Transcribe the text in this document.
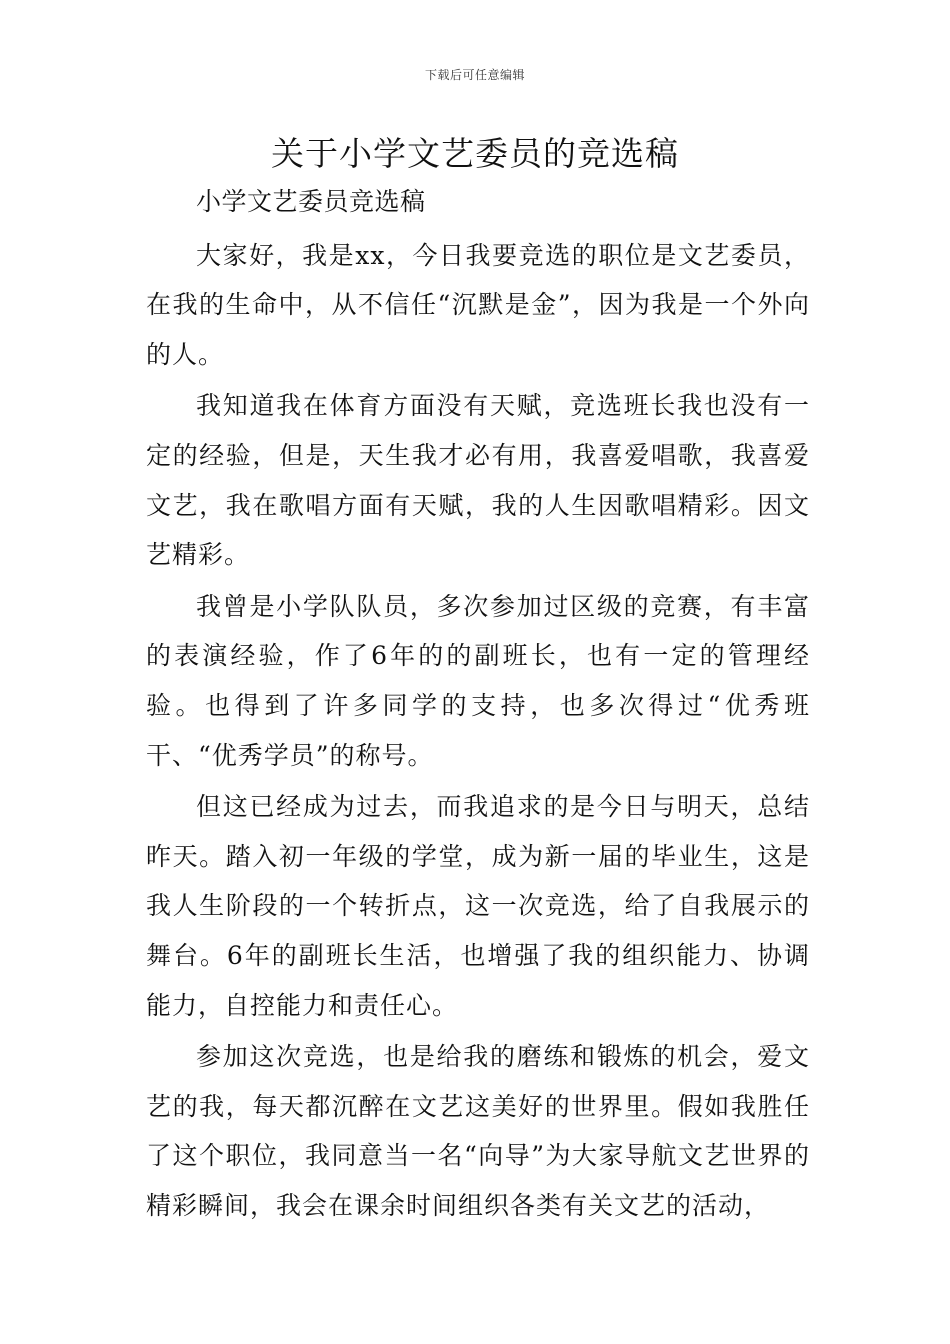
下载后可任意编辑
关于小学文艺委员的竞选稿

小学文艺委员竞选稿

大家好，我是xx，今日我要竞选的职位是文艺委员，在我的生命中，从不信任“沉默是金”，因为我是一个外向的人。

我知道我在体育方面没有天赋，竞选班长我也没有一定的经验，但是，天生我才必有用，我喜爱唱歌，我喜爱文艺，我在歌唱方面有天赋，我的人生因歌唱精彩。因文艺精彩。

我曾是小学队队员，多次参加过区级的竞赛，有丰富的表演经验，作了6年的的副班长，也有一定的管理经验。也得到了许多同学的支持，也多次得过“优秀班干、“优秀学员”的称号。

但这已经成为过去，而我追求的是今日与明天，总结昨天。踏入初一年级的学堂，成为新一届的毕业生，这是我人生阶段的一个转折点，这一次竞选，给了自我展示的舞台。6年的副班长生活，也增强了我的组织能力、协调能力，自控能力和责任心。

参加这次竞选，也是给我的磨练和锻炼的机会，爱文艺的我，每天都沉醉在文艺这美好的世界里。假如我胜任了这个职位，我同意当一名“向导”为大家导航文艺世界的精彩瞬间，我会在课余时间组织各类有关文艺的活动，
